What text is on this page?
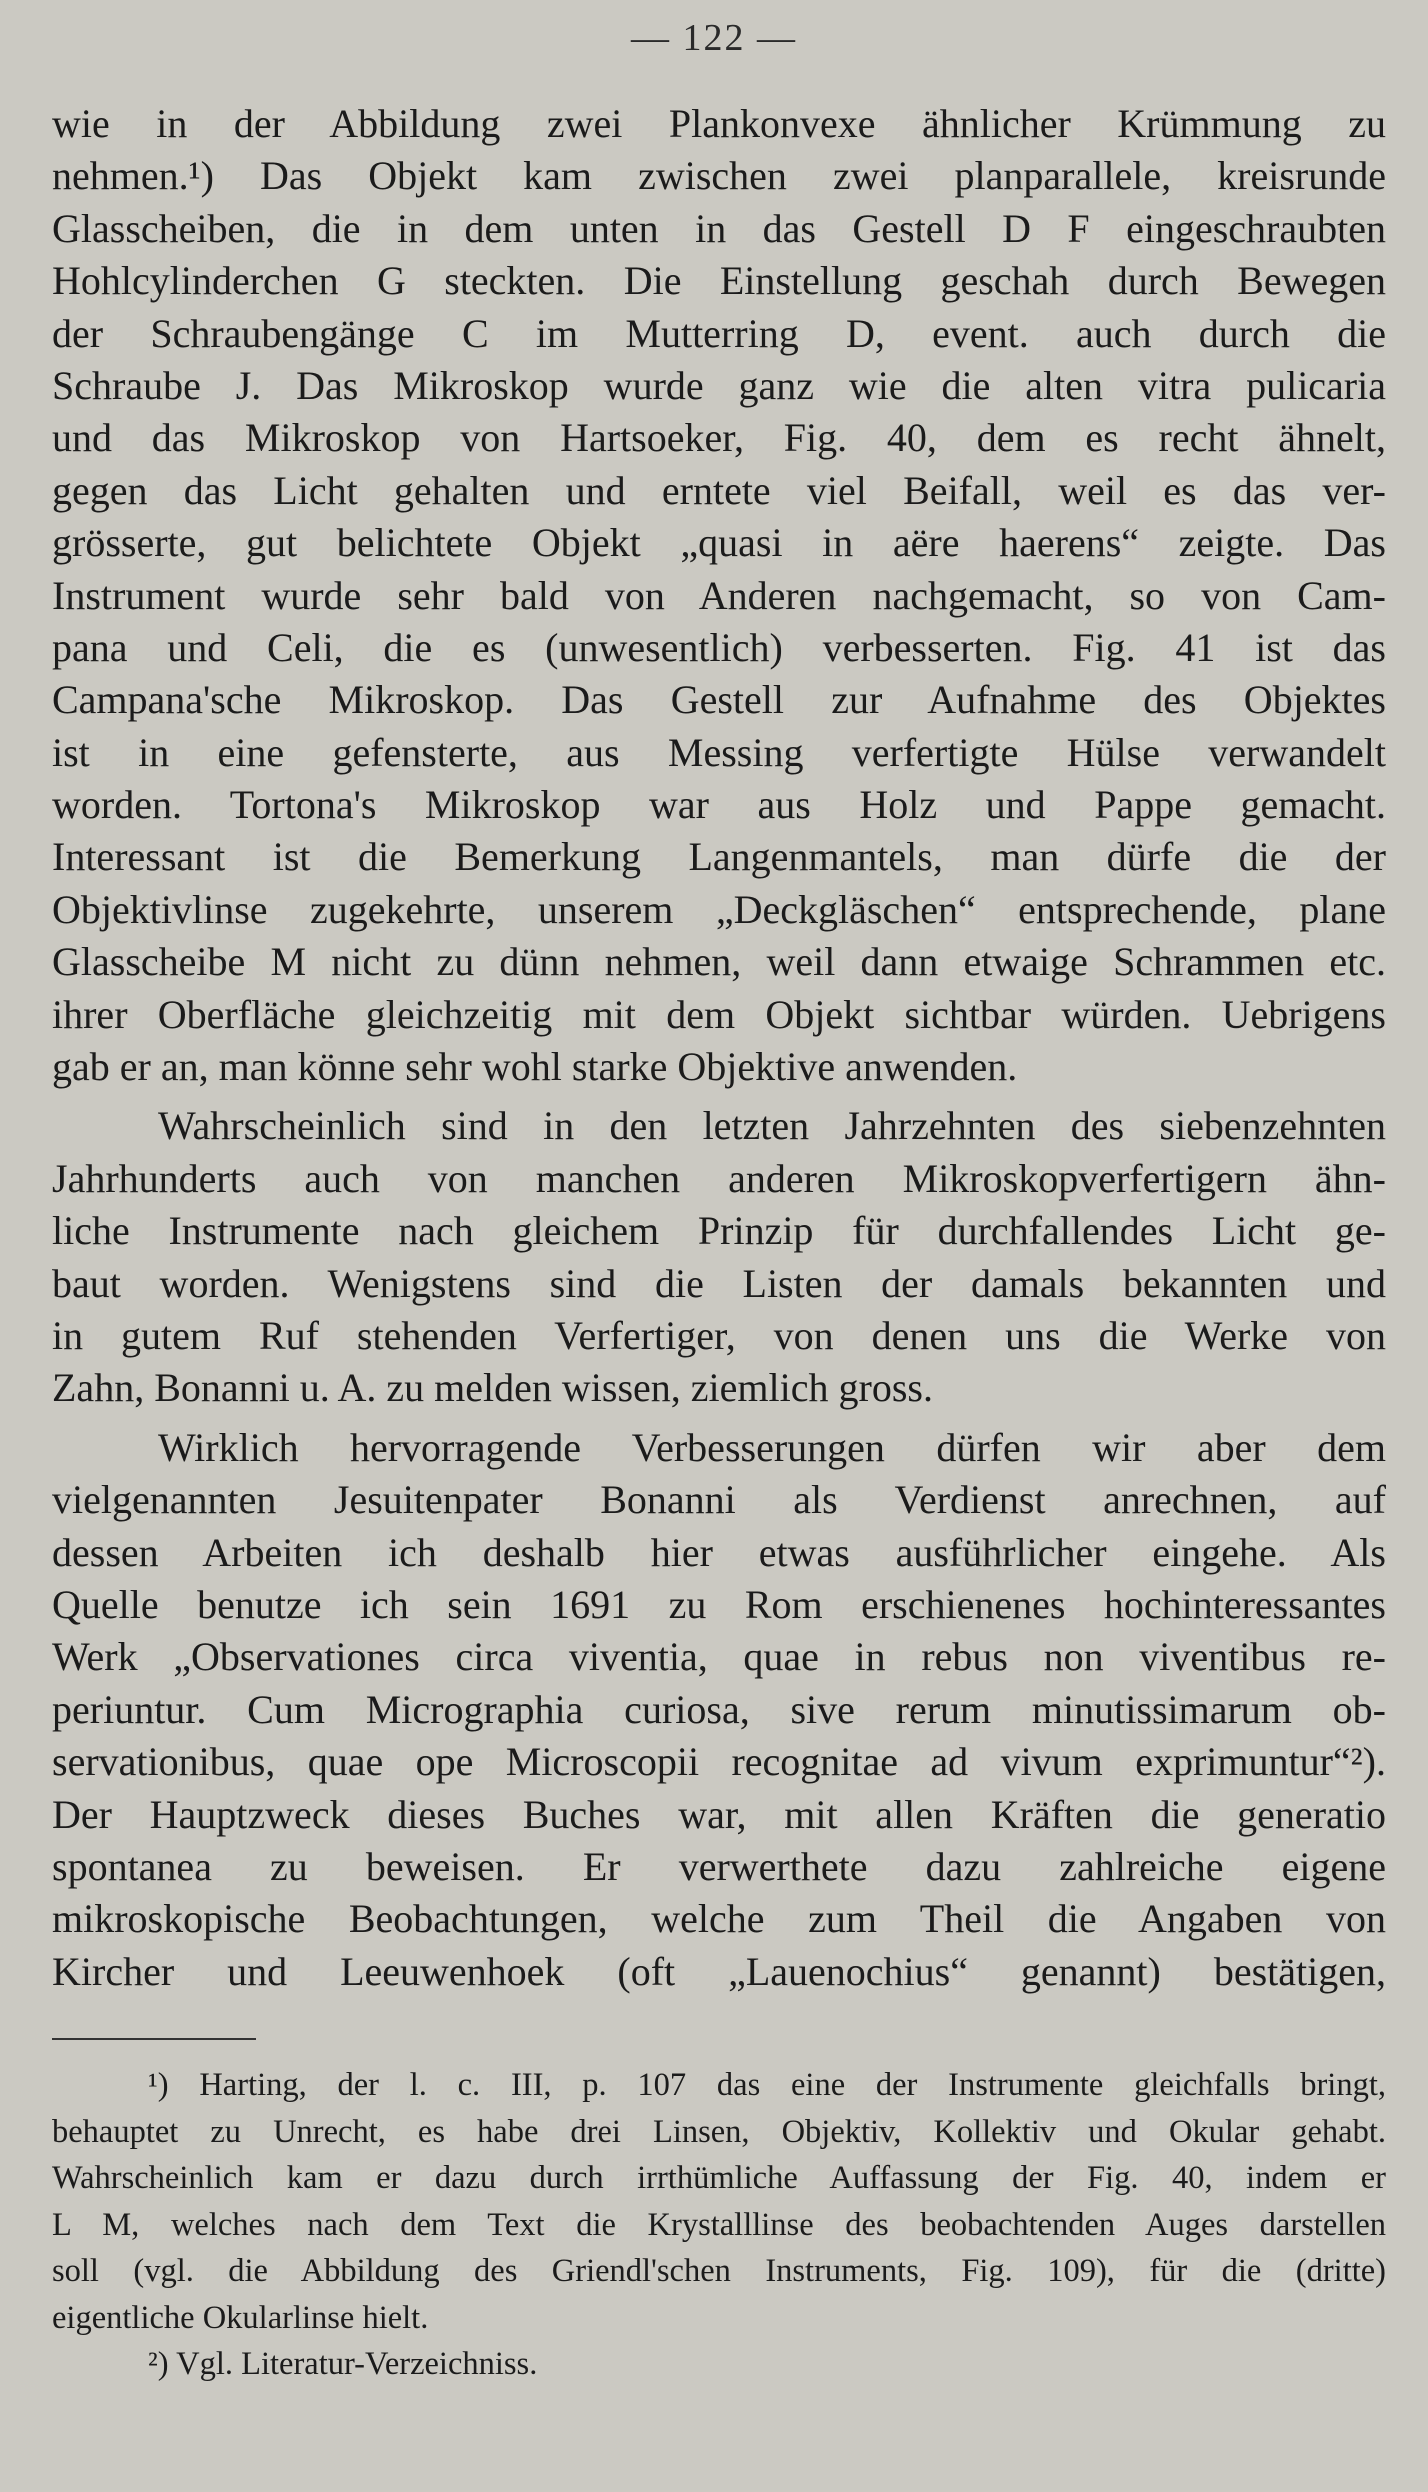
— 122 —
wie in der Abbildung zwei Plankonvexe ähnlicher Krümmung zu
nehmen.¹) Das Objekt kam zwischen zwei planparallele, kreisrunde
Glasscheiben, die in dem unten in das Gestell D F eingeschraubten
Hohlcylinderchen G steckten. Die Einstellung geschah durch Bewegen
der Schraubengänge C im Mutterring D, event. auch durch die
Schraube J. Das Mikroskop wurde ganz wie die alten vitra pulicaria
und das Mikroskop von Hartsoeker, Fig. 40, dem es recht ähnelt,
gegen das Licht gehalten und erntete viel Beifall, weil es das ver-
grösserte, gut belichtete Objekt „quasi in aëre haerens“ zeigte. Das
Instrument wurde sehr bald von Anderen nachgemacht, so von Cam-
pana und Celi, die es (unwesentlich) verbesserten. Fig. 41 ist das
Campana'sche Mikroskop. Das Gestell zur Aufnahme des Objektes
ist in eine gefensterte, aus Messing verfertigte Hülse verwandelt
worden. Tortona's Mikroskop war aus Holz und Pappe gemacht.
Interessant ist die Bemerkung Langenmantels, man dürfe die der
Objektivlinse zugekehrte, unserem „Deckgläschen“ entsprechende, plane
Glasscheibe M nicht zu dünn nehmen, weil dann etwaige Schrammen etc.
ihrer Oberfläche gleichzeitig mit dem Objekt sichtbar würden. Uebrigens
gab er an, man könne sehr wohl starke Objektive anwenden.
Wahrscheinlich sind in den letzten Jahrzehnten des siebenzehnten
Jahrhunderts auch von manchen anderen Mikroskopverfertigern ähn-
liche Instrumente nach gleichem Prinzip für durchfallendes Licht ge-
baut worden. Wenigstens sind die Listen der damals bekannten und
in gutem Ruf stehenden Verfertiger, von denen uns die Werke von
Zahn, Bonanni u. A. zu melden wissen, ziemlich gross.
Wirklich hervorragende Verbesserungen dürfen wir aber dem
vielgenannten Jesuitenpater Bonanni als Verdienst anrechnen, auf
dessen Arbeiten ich deshalb hier etwas ausführlicher eingehe. Als
Quelle benutze ich sein 1691 zu Rom erschienenes hochinteressantes
Werk „Observationes circa viventia, quae in rebus non viventibus re-
periuntur. Cum Micrographia curiosa, sive rerum minutissimarum ob-
servationibus, quae ope Microscopii recognitae ad vivum exprimuntur“²).
Der Hauptzweck dieses Buches war, mit allen Kräften die generatio
spontanea zu beweisen. Er verwerthete dazu zahlreiche eigene
mikroskopische Beobachtungen, welche zum Theil die Angaben von
Kircher und Leeuwenhoek (oft „Lauenochius“ genannt) bestätigen,
¹) Harting, der l. c. III, p. 107 das eine der Instrumente gleichfalls bringt,
behauptet zu Unrecht, es habe drei Linsen, Objektiv, Kollektiv und Okular gehabt.
Wahrscheinlich kam er dazu durch irrthümliche Auffassung der Fig. 40, indem er
L M, welches nach dem Text die Krystalllinse des beobachtenden Auges darstellen
soll (vgl. die Abbildung des Griendl'schen Instruments, Fig. 109), für die (dritte)
eigentliche Okularlinse hielt.
²) Vgl. Literatur-Verzeichniss.
